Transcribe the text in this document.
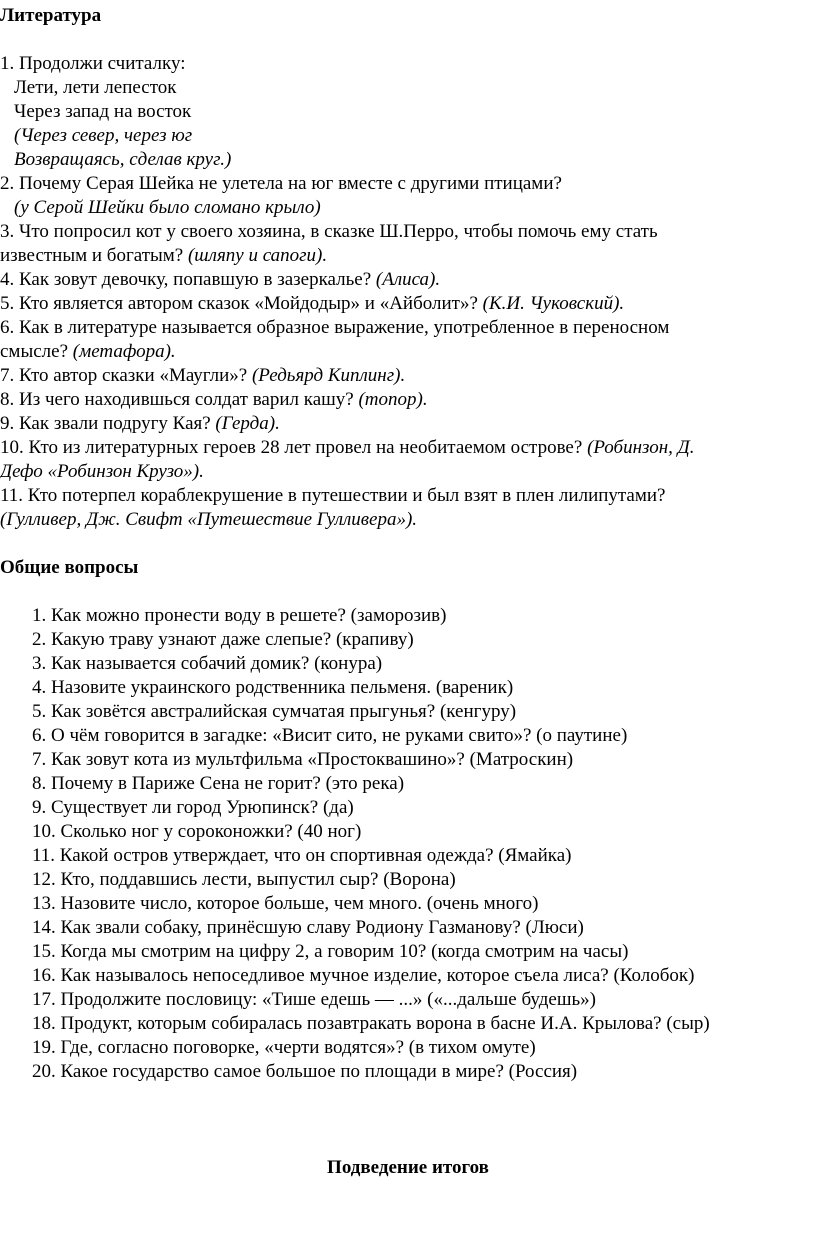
Литература
1. Продолжи считалку:
Лети, лети лепесток
Через запад на восток
(Через север, через юг
Возвращаясь, сделав круг.)
2. Почему Серая Шейка не улетела на юг вместе с другими птицами?
(у Серой Шейки было сломано крыло)
3. Что попросил кот у своего хозяина, в сказке Ш.Перро, чтобы помочь ему стать
известным и богатым? (шляпу и сапоги).
4. Как зовут девочку, попавшую в зазеркалье? (Алиса).
5. Кто является автором сказок «Мойдодыр» и «Айболит»? (К.И. Чуковский).
6. Как в литературе называется образное выражение, употребленное в переносном
смысле? (метафора).
7. Кто автор сказки «Маугли»? (Редьярд Киплинг).
8. Из чего находившься солдат варил кашу? (топор).
9. Как звали подругу Кая? (Герда).
10. Кто из литературных героев 28 лет провел на необитаемом острове? (Робинзон, Д.
Дефо «Робинзон Крузо»).
11. Кто потерпел кораблекрушение в путешествии и был взят в плен лилипутами?
(Гулливер, Дж. Свифт «Путешествие Гулливера»).
Общие вопросы
1. Как можно пронести воду в решете? (заморозив)
2. Какую траву узнают даже слепые? (крапиву)
3. Как называется собачий домик? (конура)
4. Назовите украинского родственника пельменя. (вареник)
5. Как зовётся австралийская сумчатая прыгунья? (кенгуру)
6. О чём говорится в загадке: «Висит сито, не руками свито»? (о паутине)
7. Как зовут кота из мультфильма «Простоквашино»? (Матроскин)
8. Почему в Париже Сена не горит? (это река)
9. Существует ли город Урюпинск? (да)
10. Сколько ног у сороконожки? (40 ног)
11. Какой остров утверждает, что он спортивная одежда? (Ямайка)
12. Кто, поддавшись лести, выпустил сыр? (Ворона)
13. Назовите число, которое больше, чем много. (очень много)
14. Как звали собаку, принёсшую славу Родиону Газманову? (Люси)
15. Когда мы смотрим на цифру 2, а говорим 10? (когда смотрим на часы)
16. Как называлось непоседливое мучное изделие, которое съела лиса? (Колобок)
17. Продолжите пословицу: «Тише едешь — ...» («...дальше будешь»)
18. Продукт, которым собиралась позавтракать ворона в басне И.А. Крылова? (сыр)
19. Где, согласно поговорке, «черти водятся»? (в тихом омуте)
20. Какое государство самое большое по площади в мире? (Россия)
Подведение итогов
